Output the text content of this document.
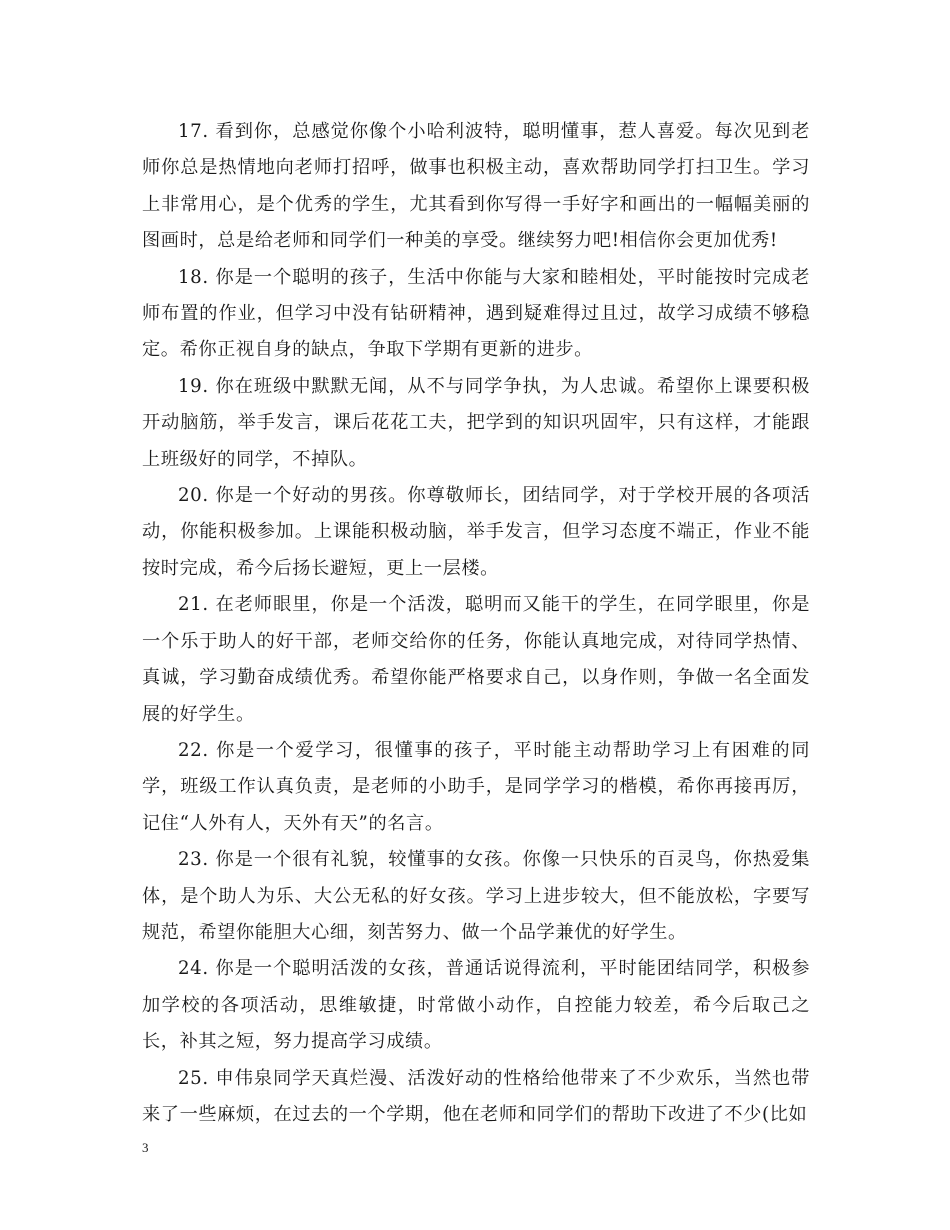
17. 看到你，总感觉你像个小哈利波特，聪明懂事，惹人喜爱。每次见到老师你总是热情地向老师打招呼，做事也积极主动，喜欢帮助同学打扫卫生。学习上非常用心，是个优秀的学生，尤其看到你写得一手好字和画出的一幅幅美丽的图画时，总是给老师和同学们一种美的享受。继续努力吧!相信你会更加优秀!

18. 你是一个聪明的孩子，生活中你能与大家和睦相处，平时能按时完成老师布置的作业，但学习中没有钻研精神，遇到疑难得过且过，故学习成绩不够稳定。希你正视自身的缺点，争取下学期有更新的进步。

19. 你在班级中默默无闻，从不与同学争执，为人忠诚。希望你上课要积极开动脑筋，举手发言，课后花花工夫，把学到的知识巩固牢，只有这样，才能跟上班级好的同学，不掉队。

20. 你是一个好动的男孩。你尊敬师长，团结同学，对于学校开展的各项活动，你能积极参加。上课能积极动脑，举手发言，但学习态度不端正，作业不能按时完成，希今后扬长避短，更上一层楼。

21. 在老师眼里，你是一个活泼，聪明而又能干的学生，在同学眼里，你是一个乐于助人的好干部，老师交给你的任务，你能认真地完成，对待同学热情、真诚，学习勤奋成绩优秀。希望你能严格要求自己，以身作则，争做一名全面发展的好学生。

22. 你是一个爱学习，很懂事的孩子，平时能主动帮助学习上有困难的同学，班级工作认真负责，是老师的小助手，是同学学习的楷模，希你再接再厉，记住“人外有人，天外有天”的名言。

23. 你是一个很有礼貌，较懂事的女孩。你像一只快乐的百灵鸟，你热爱集体，是个助人为乐、大公无私的好女孩。学习上进步较大，但不能放松，字要写规范，希望你能胆大心细，刻苦努力、做一个品学兼优的好学生。

24. 你是一个聪明活泼的女孩，普通话说得流利，平时能团结同学，积极参加学校的各项活动，思维敏捷，时常做小动作，自控能力较差，希今后取己之长，补其之短，努力提高学习成绩。

25. 申伟泉同学天真烂漫、活泼好动的性格给他带来了不少欢乐，当然也带来了一些麻烦，在过去的一个学期，他在老师和同学们的帮助下改进了不少(比如

3
